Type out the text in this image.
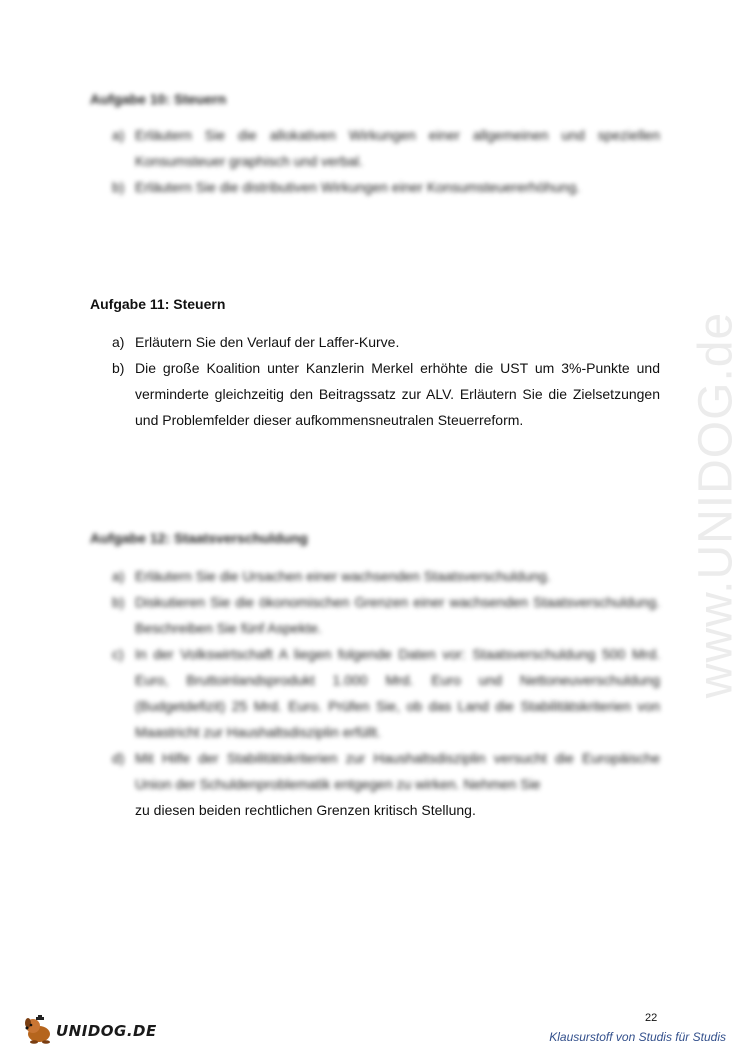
www.UNIDOG.de
Aufgabe 10: Steuern
a) Erläutern Sie die allokativen Wirkungen einer allgemeinen und speziellen Konsumsteuer graphisch und verbal.
b) Erläutern Sie die distributiven Wirkungen einer Konsumsteuererhöhung.
Aufgabe 11: Steuern
a) Erläutern Sie den Verlauf der Laffer-Kurve.
b) Die große Koalition unter Kanzlerin Merkel erhöhte die UST um 3%-Punkte und verminderte gleichzeitig den Beitragssatz zur ALV. Erläutern Sie die Zielsetzungen und Problemfelder dieser aufkommensneutralen Steuerreform.
Aufgabe 12: Staatsverschuldung
a) Erläutern Sie die Ursachen einer wachsenden Staatsverschuldung.
b) Diskutieren Sie die ökonomischen Grenzen einer wachsenden Staatsverschuldung. Beschreiben Sie fünf Aspekte.
c) In der Volkswirtschaft A liegen folgende Daten vor: Staatsverschuldung 500 Mrd. Euro, Bruttoinlandsprodukt 1.000 Mrd. Euro und Nettoneuverschuldung (Budgetdefizit) 25 Mrd. Euro. Prüfen Sie, ob das Land die Stabilitätskriterien von Maastricht zur Haushaltsdisziplin erfüllt.
d) Mit Hilfe der Stabilitätskriterien zur Haushaltsdisziplin versucht die Europäische Union der Schuldenproblematik entgegen zu wirken. Nehmen Sie
zu diesen beiden rechtlichen Grenzen kritisch Stellung.
UNIDOG.DE
22
Klausurstoff von Studis für Studis
